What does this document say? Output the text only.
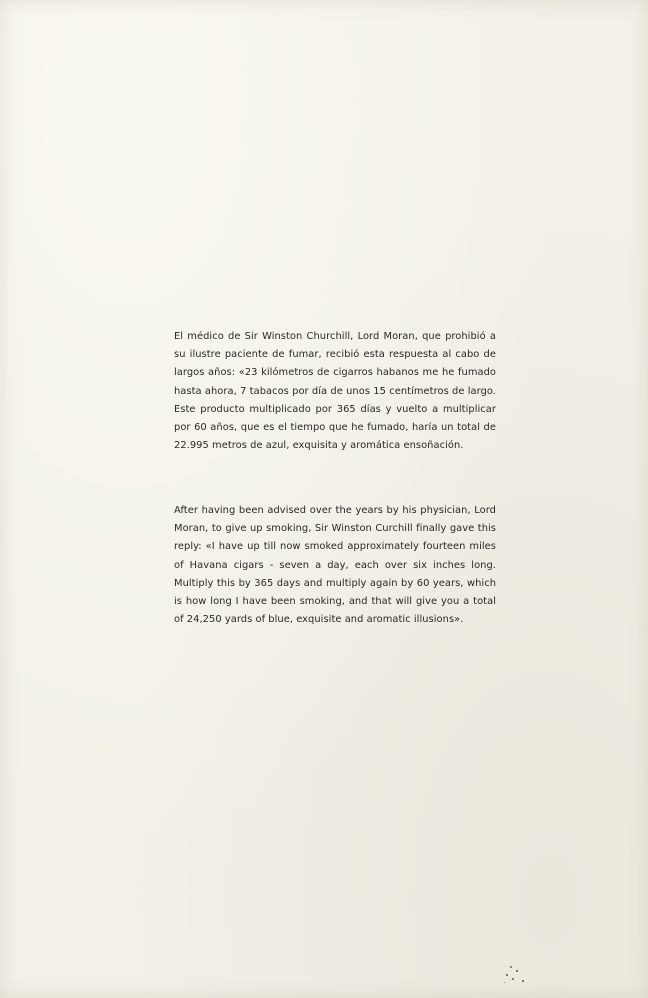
El médico de Sir Winston Churchill, Lord Moran, que prohibió a su ilustre paciente de fumar, recibió esta respuesta al cabo de largos años: «23 kilómetros de cigarros habanos me he fumado hasta ahora, 7 tabacos por día de unos 15 centímetros de largo. Este producto multiplicado por 365 días y vuelto a multiplicar por 60 años, que es el tiempo que he fumado, haría un total de 22.995 metros de azul, exquisita y aromática ensoñación.

After having been advised over the years by his physician, Lord Moran, to give up smoking, Sir Winston Curchill finally gave this reply: «I have up till now smoked approximately fourteen miles of Havana cigars - seven a day, each over six inches long. Multiply this by 365 days and multiply again by 60 years, which is how long I have been smoking, and that will give you a total of 24,250 yards of blue, exquisite and aromatic illusions».
